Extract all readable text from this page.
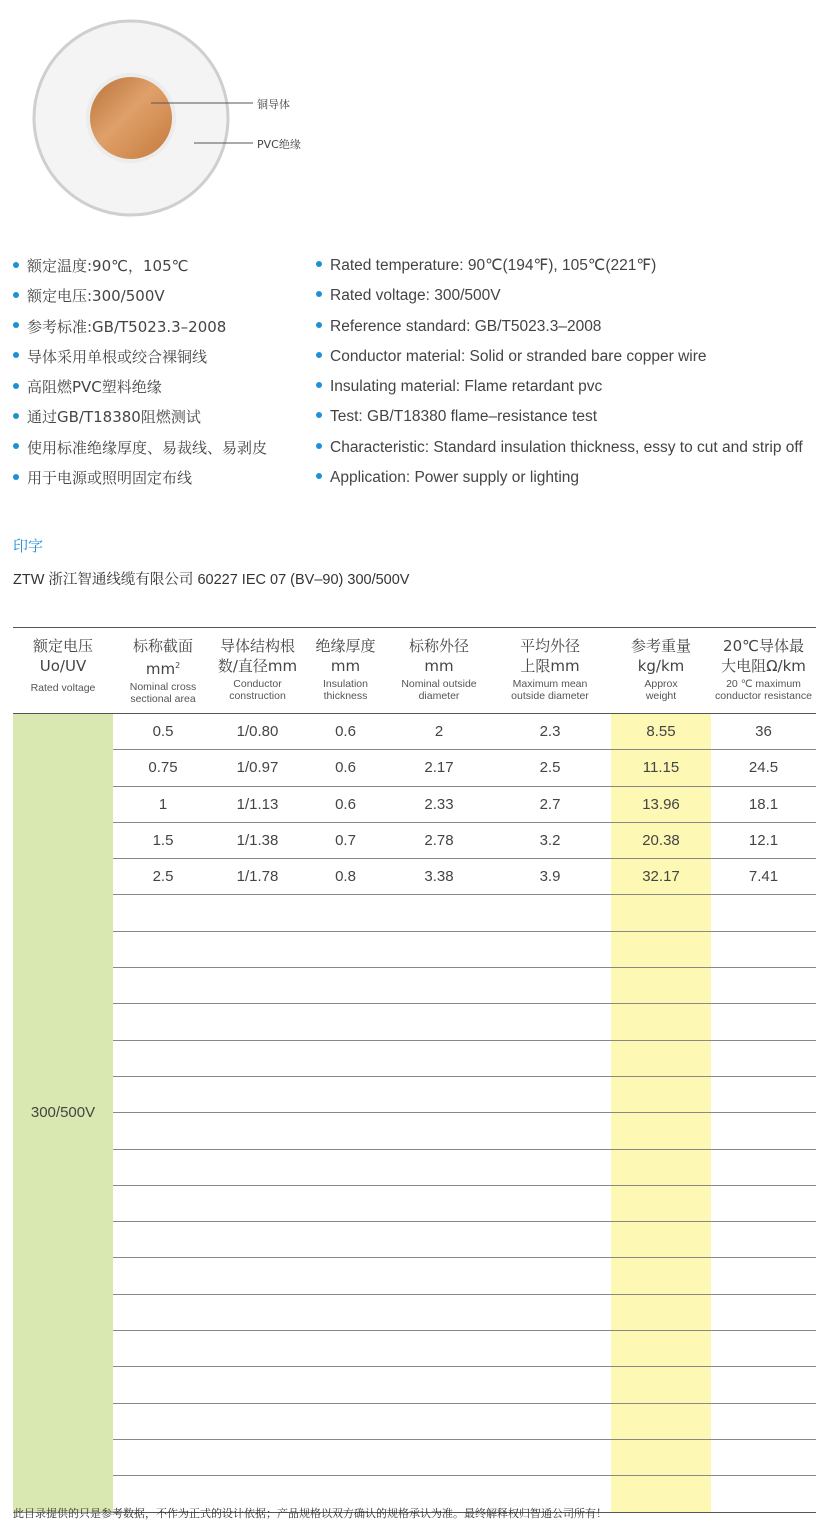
铜导体
PVC绝缘
额定温度:90℃，105℃
额定电压:300/500V
参考标准:GB/T5023.3–2008
导体采用单根或绞合裸铜线
高阻燃PVC塑料绝缘
通过GB/T18380阻燃测试
使用标准绝缘厚度、易裁线、易剥皮
用于电源或照明固定布线
Rated temperature: 90℃(194℉), 105℃(221℉)
Rated voltage: 300/500V
Reference standard: GB/T5023.3–2008
Conductor material: Solid or stranded bare copper wire
Insulating material: Flame retardant pvc
Test: GB/T18380 flame–resistance test
Characteristic: Standard insulation thickness, essy to cut and strip off
Application: Power supply or lighting
印字
ZTW 浙江智通线缆有限公司 60227 IEC 07 (BV–90) 300/500V
额定电压
Uo/UV
Rated voltage	标称截面
$mm^2$
Nominal cross
sectional area	导体结构根
数/直径mm
Conductor
construction	绝缘厚度
mm
Insulation
thickness	标称外径
mm
Nominal outside
diameter	平均外径
上限mm
Maximum mean
outside diameter	参考重量
kg/km
Approx
weight	20℃导体最
大电阻Ω/km
20 ℃ maximum
conductor resistance

300/500V	0.5	1/0.80	0.6	2	2.3	8.55	36
	0.75	1/0.97	0.6	2.17	2.5	11.15	24.5
	1	1/1.13	0.6	2.33	2.7	13.96	18.1
	1.5	1/1.38	0.7	2.78	3.2	20.38	12.1
	2.5	1/1.78	0.8	3.38	3.9	32.17	7.41

此目录提供的只是参考数据，不作为正式的设计依据；产品规格以双方确认的规格承认为准。最终解释权归智通公司所有！
